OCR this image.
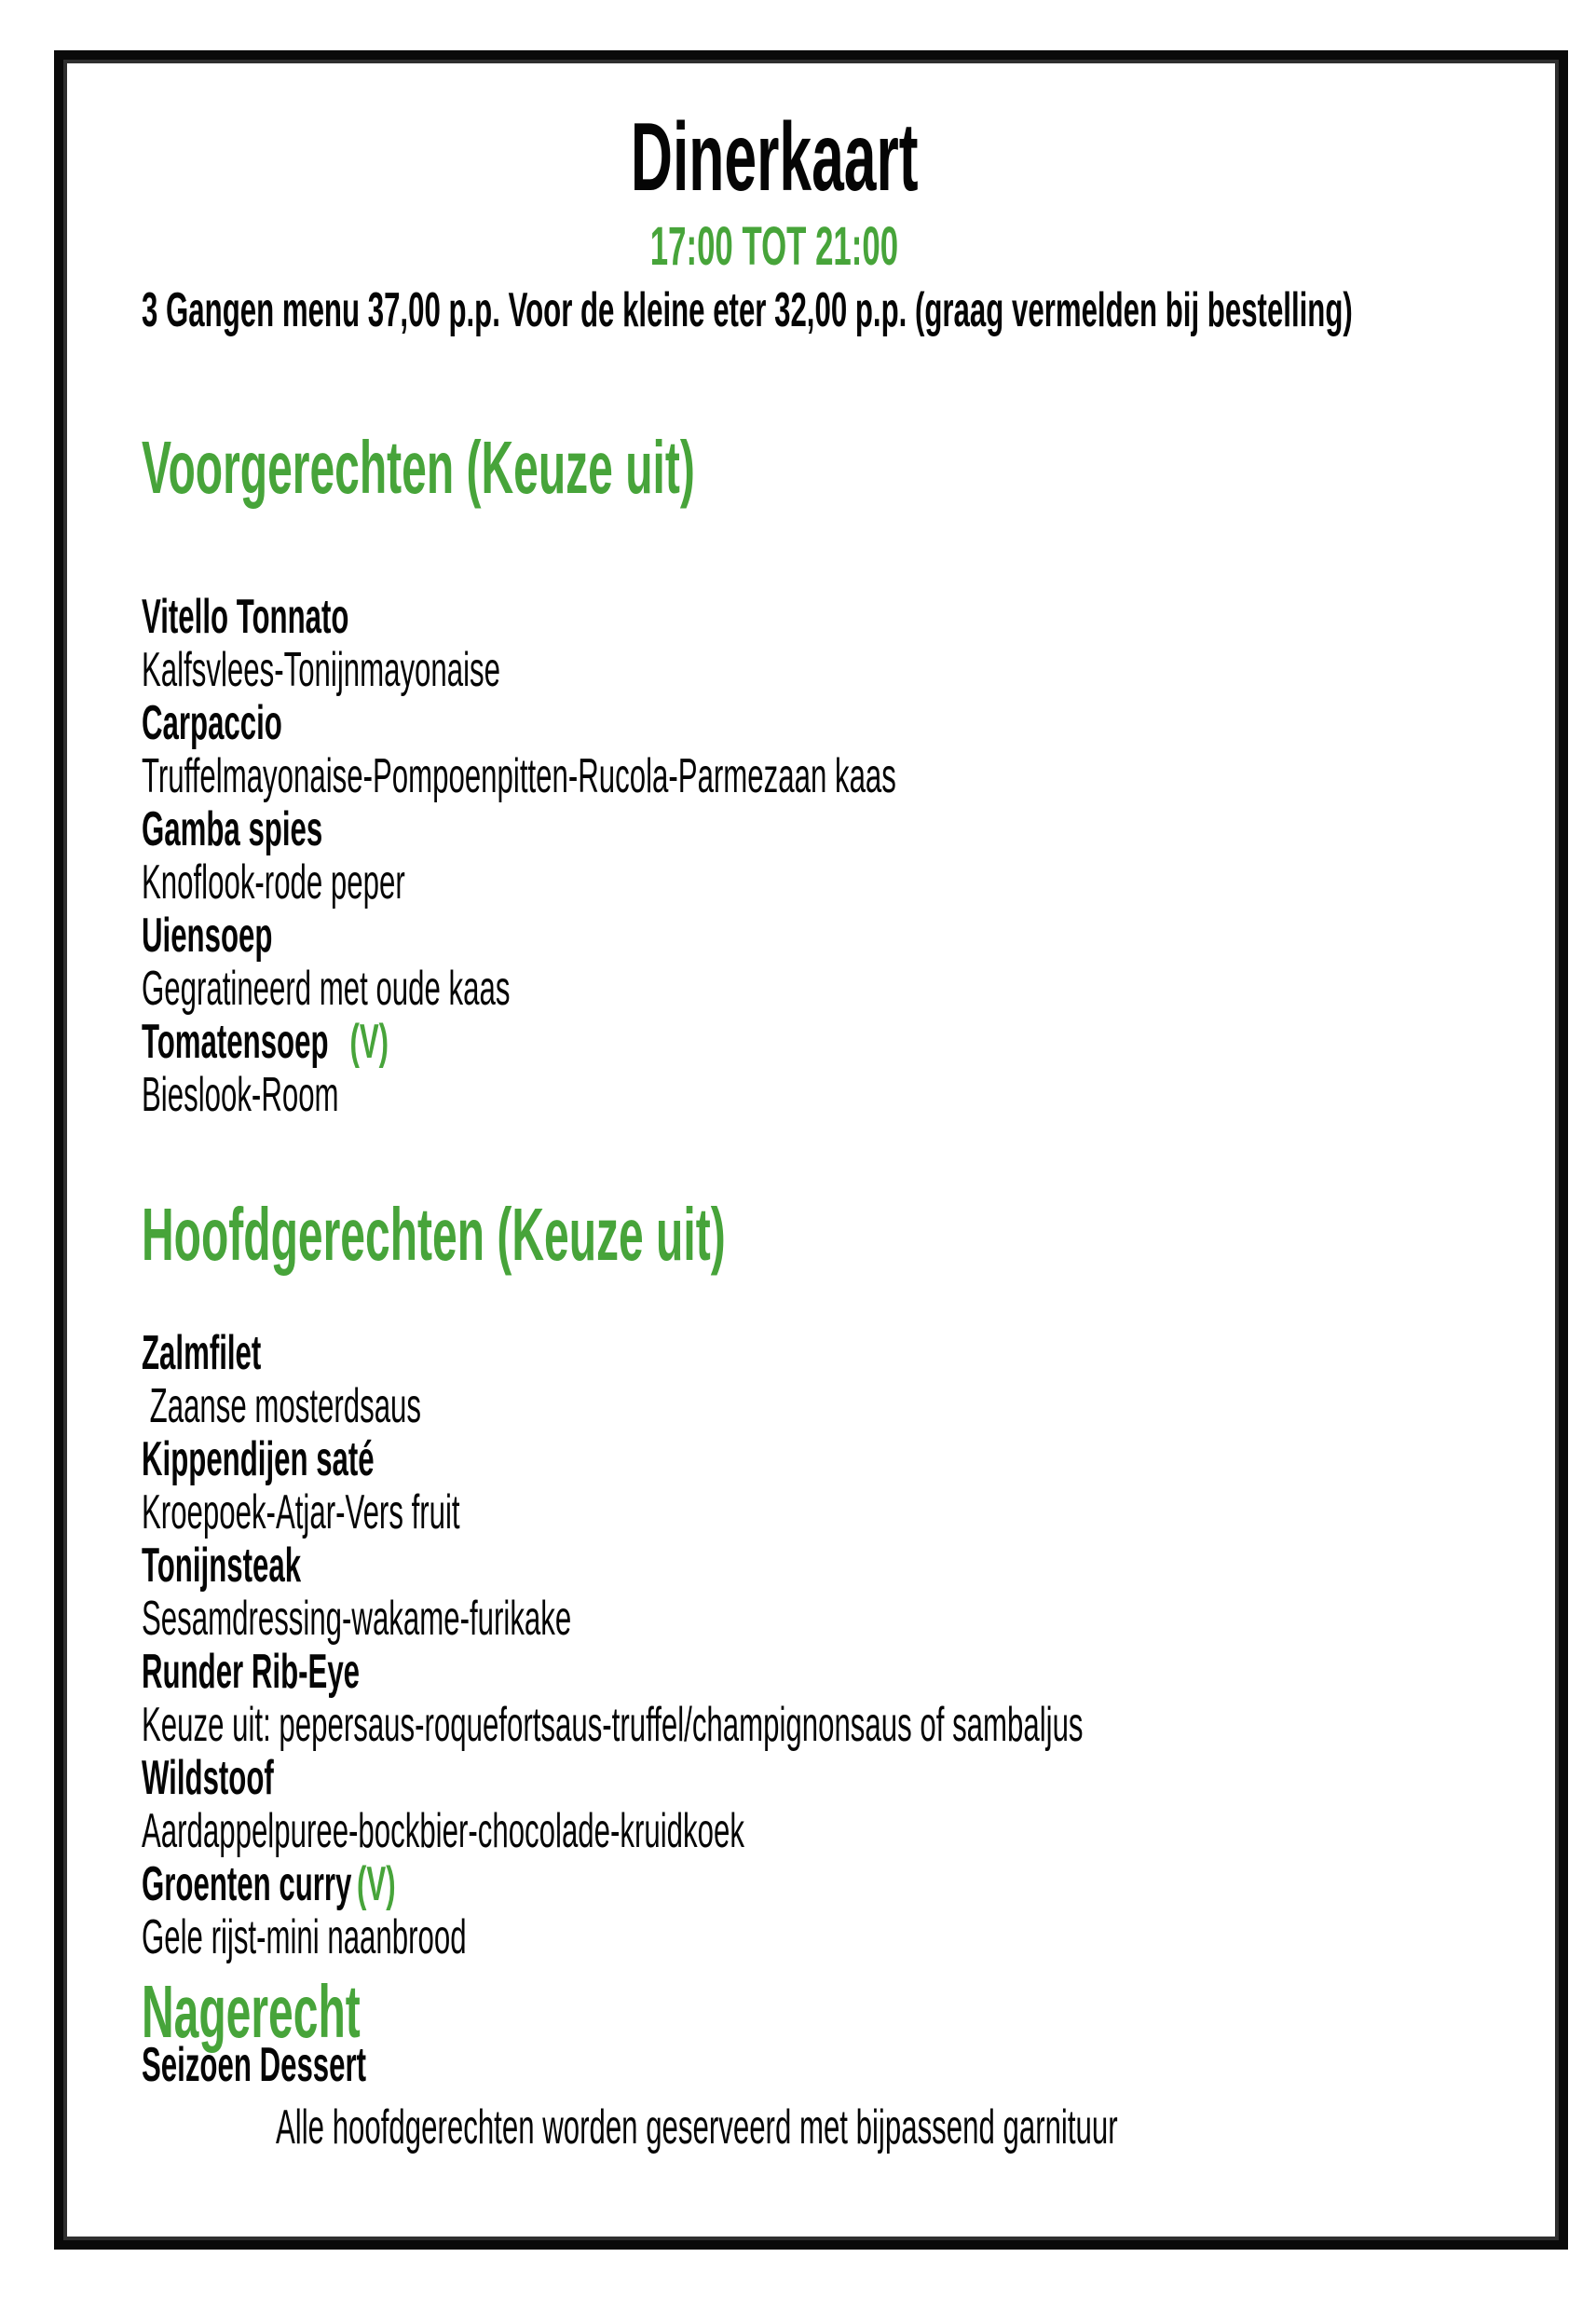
Dinerkaart
17:00 TOT 21:00
3 Gangen menu 37,00 p.p. Voor de kleine eter 32,00 p.p. (graag vermelden bij bestelling)
Voorgerechten (Keuze uit)
Vitello Tonnato
Kalfsvlees-Tonijnmayonaise
Carpaccio
Truffelmayonaise-Pompoenpitten-Rucola-Parmezaan kaas
Gamba spies
Knoflook-rode peper
Uiensoep
Gegratineerd met oude kaas
Tomatensoep  (V)
Bieslook-Room
Hoofdgerechten (Keuze uit)
Zalmfilet
Zaanse mosterdsaus
Kippendijen saté
Kroepoek-Atjar-Vers fruit
Tonijnsteak
Sesamdressing-wakame-furikake
Runder Rib-Eye
Keuze uit: pepersaus-roquefortsaus-truffel/champignonsaus of sambaljus
Wildstoof
Aardappelpuree-bockbier-chocolade-kruidkoek
Groenten curry (V)
Gele rijst-mini naanbrood
Nagerecht
Seizoen Dessert
Alle hoofdgerechten worden geserveerd met bijpassend garnituur
